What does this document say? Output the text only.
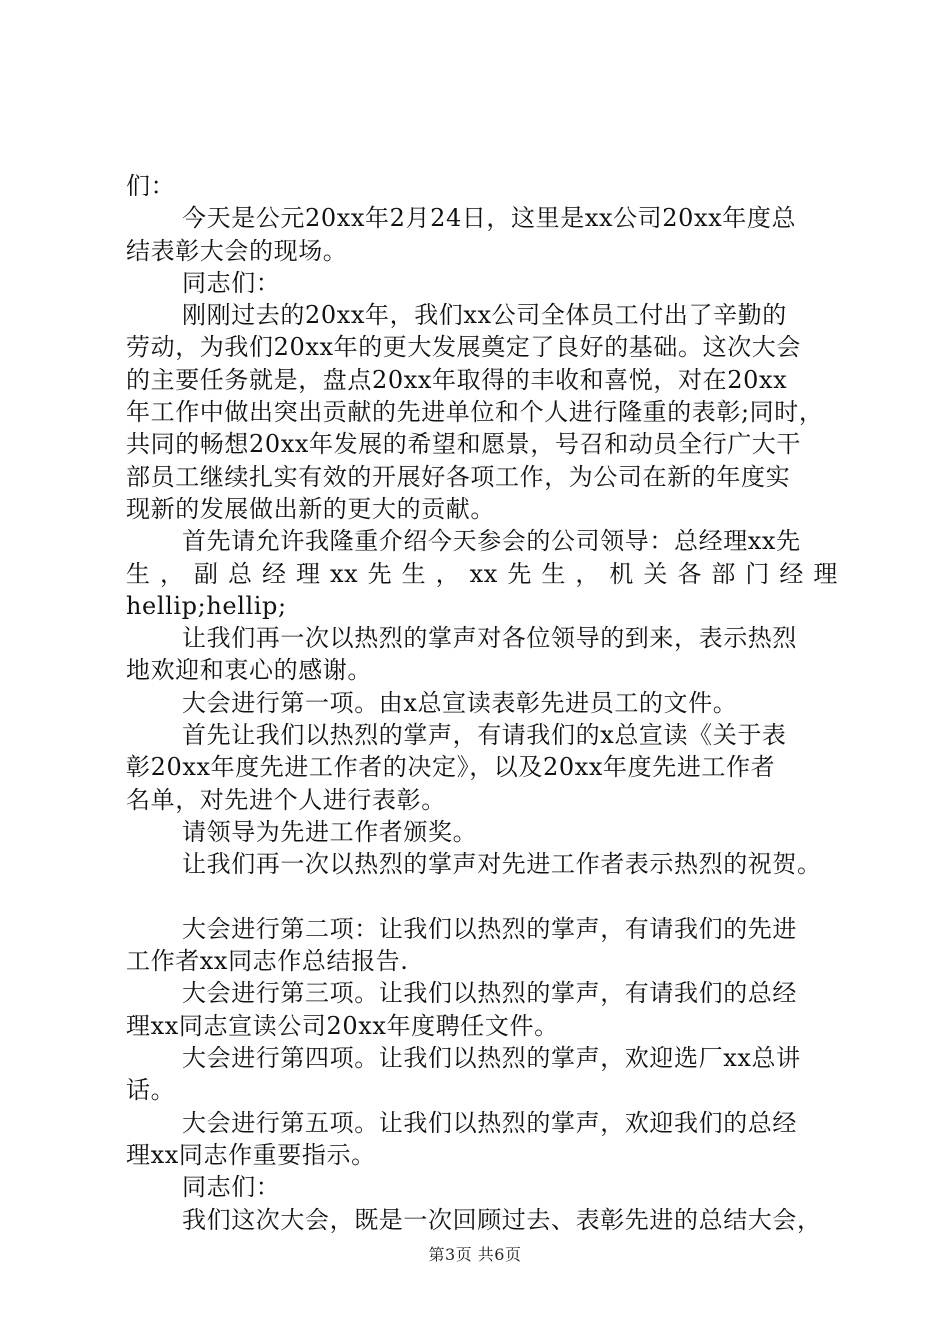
们：
今天是公元20xx年2月24日，这里是xx公司20xx年度总
结表彰大会的现场。
同志们：
刚刚过去的20xx年，我们xx公司全体员工付出了辛勤的
劳动，为我们20xx年的更大发展奠定了良好的基础。这次大会
的主要任务就是，盘点20xx年取得的丰收和喜悦，对在20xx
年工作中做出突出贡献的先进单位和个人进行隆重的表彰;同时，
共同的畅想20xx年发展的希望和愿景，号召和动员全行广大干
部员工继续扎实有效的开展好各项工作，为公司在新的年度实
现新的发展做出新的更大的贡献。
首先请允许我隆重介绍今天参会的公司领导：总经理xx先
生 ， 副 总 经 理 xx 先 生 ， xx 先 生 ， 机 关 各 部 门 经 理
hellip;hellip;
让我们再一次以热烈的掌声对各位领导的到来，表示热烈
地欢迎和衷心的感谢。
大会进行第一项。由x总宣读表彰先进员工的文件。
首先让我们以热烈的掌声，有请我们的x总宣读《关于表
彰20xx年度先进工作者的决定》，以及20xx年度先进工作者
名单，对先进个人进行表彰。
请领导为先进工作者颁奖。
让我们再一次以热烈的掌声对先进工作者表示热烈的祝贺。
大会进行第二项：让我们以热烈的掌声，有请我们的先进
工作者xx同志作总结报告.
大会进行第三项。让我们以热烈的掌声，有请我们的总经
理xx同志宣读公司20xx年度聘任文件。
大会进行第四项。让我们以热烈的掌声，欢迎选厂xx总讲
话。
大会进行第五项。让我们以热烈的掌声，欢迎我们的总经
理xx同志作重要指示。
同志们：
我们这次大会，既是一次回顾过去、表彰先进的总结大会，
第3页 共6页
